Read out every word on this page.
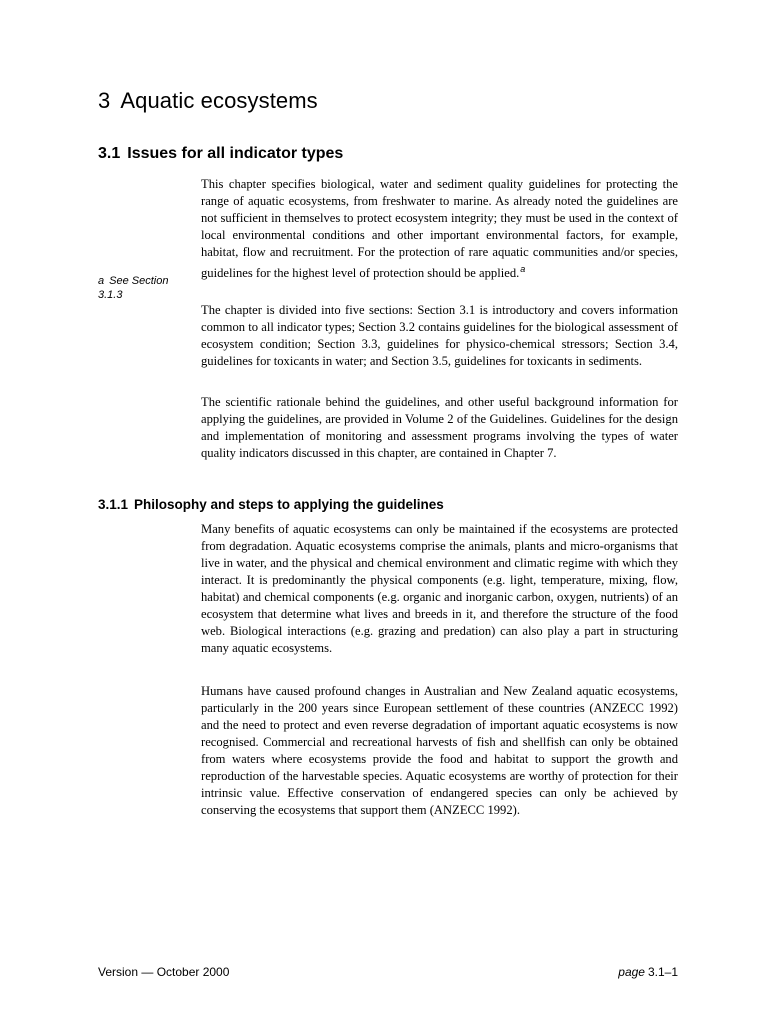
3 Aquatic ecosystems
3.1 Issues for all indicator types

This chapter specifies biological, water and sediment quality guidelines for protecting the range of aquatic ecosystems, from freshwater to marine. As already noted the guidelines are not sufficient in themselves to protect ecosystem integrity; they must be used in the context of local environmental conditions and other important environmental factors, for example, habitat, flow and recruitment. For the protection of rare aquatic communities and/or species, guidelines for the highest level of protection should be applied.$^a$

a See Section 3.1.3

The chapter is divided into five sections: Section 3.1 is introductory and covers information common to all indicator types; Section 3.2 contains guidelines for the biological assessment of ecosystem condition; Section 3.3, guidelines for physico-chemical stressors; Section 3.4, guidelines for toxicants in water; and Section 3.5, guidelines for toxicants in sediments.

The scientific rationale behind the guidelines, and other useful background information for applying the guidelines, are provided in Volume 2 of the Guidelines. Guidelines for the design and implementation of monitoring and assessment programs involving the types of water quality indicators discussed in this chapter, are contained in Chapter 7.

3.1.1 Philosophy and steps to applying the guidelines

Many benefits of aquatic ecosystems can only be maintained if the ecosystems are protected from degradation. Aquatic ecosystems comprise the animals, plants and micro-organisms that live in water, and the physical and chemical environment and climatic regime with which they interact. It is predominantly the physical components (e.g. light, temperature, mixing, flow, habitat) and chemical components (e.g. organic and inorganic carbon, oxygen, nutrients) of an ecosystem that determine what lives and breeds in it, and therefore the structure of the food web. Biological interactions (e.g. grazing and predation) can also play a part in structuring many aquatic ecosystems.

Humans have caused profound changes in Australian and New Zealand aquatic ecosystems, particularly in the 200 years since European settlement of these countries (ANZECC 1992) and the need to protect and even reverse degradation of important aquatic ecosystems is now recognised. Commercial and recreational harvests of fish and shellfish can only be obtained from waters where ecosystems provide the food and habitat to support the growth and reproduction of the harvestable species. Aquatic ecosystems are worthy of protection for their intrinsic value. Effective conservation of endangered species can only be achieved by conserving the ecosystems that support them (ANZECC 1992).

Version — October 2000	page 3.1–1
